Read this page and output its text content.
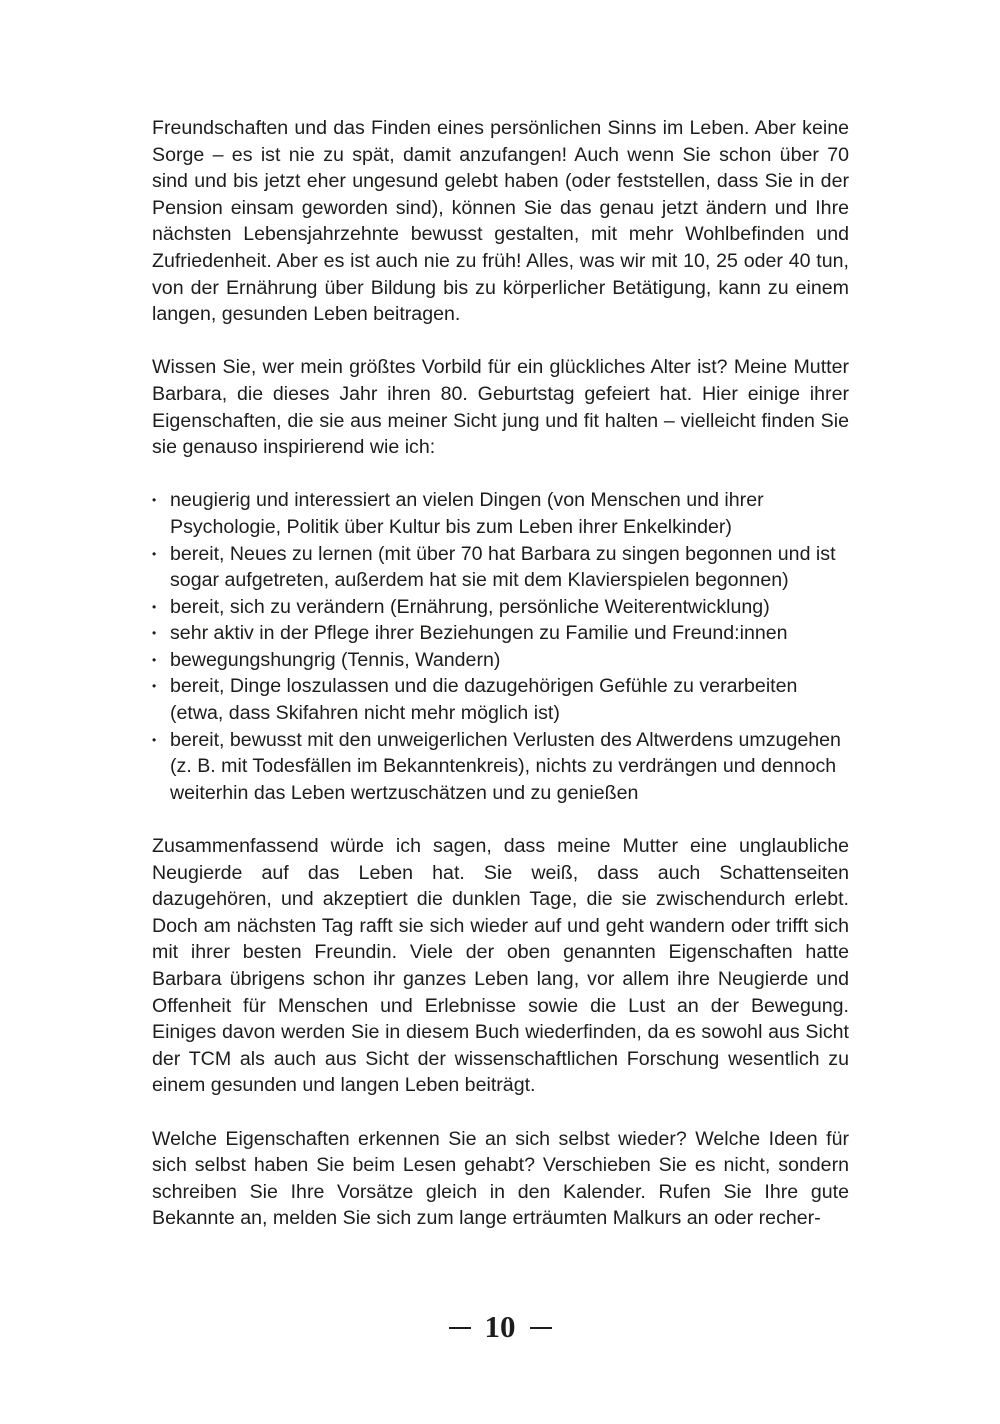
Freundschaften und das Finden eines persönlichen Sinns im Leben. Aber keine Sorge – es ist nie zu spät, damit anzufangen! Auch wenn Sie schon über 70 sind und bis jetzt eher ungesund gelebt haben (oder feststellen, dass Sie in der Pension einsam geworden sind), können Sie das genau jetzt ändern und Ihre nächsten Lebensjahrzehnte bewusst gestalten, mit mehr Wohlbefinden und Zufriedenheit. Aber es ist auch nie zu früh! Alles, was wir mit 10, 25 oder 40 tun, von der Ernährung über Bildung bis zu körperlicher Betätigung, kann zu einem langen, gesunden Leben beitragen.

Wissen Sie, wer mein größtes Vorbild für ein glückliches Alter ist? Meine Mutter Barbara, die dieses Jahr ihren 80. Geburtstag gefeiert hat. Hier einige ihrer Eigenschaften, die sie aus meiner Sicht jung und fit halten – vielleicht finden Sie sie genauso inspirierend wie ich:

• neugierig und interessiert an vielen Dingen (von Menschen und ihrer Psychologie, Politik über Kultur bis zum Leben ihrer Enkelkinder)
• bereit, Neues zu lernen (mit über 70 hat Barbara zu singen begonnen und ist sogar aufgetreten, außerdem hat sie mit dem Klavierspielen begonnen)
• bereit, sich zu verändern (Ernährung, persönliche Weiterentwicklung)
• sehr aktiv in der Pflege ihrer Beziehungen zu Familie und Freund:innen
• bewegungshungrig (Tennis, Wandern)
• bereit, Dinge loszulassen und die dazugehörigen Gefühle zu verarbeiten (etwa, dass Skifahren nicht mehr möglich ist)
• bereit, bewusst mit den unweigerlichen Verlusten des Altwerdens umzugehen (z. B. mit Todesfällen im Bekanntenkreis), nichts zu verdrängen und dennoch weiterhin das Leben wertzuschätzen und zu genießen

Zusammenfassend würde ich sagen, dass meine Mutter eine unglaubliche Neugierde auf das Leben hat. Sie weiß, dass auch Schattenseiten dazugehören, und akzeptiert die dunklen Tage, die sie zwischendurch erlebt. Doch am nächsten Tag rafft sie sich wieder auf und geht wandern oder trifft sich mit ihrer besten Freundin. Viele der oben genannten Eigenschaften hatte Barbara übrigens schon ihr ganzes Leben lang, vor allem ihre Neugierde und Offenheit für Menschen und Erlebnisse sowie die Lust an der Bewegung. Einiges davon werden Sie in diesem Buch wiederfinden, da es sowohl aus Sicht der TCM als auch aus Sicht der wissenschaftlichen Forschung wesentlich zu einem gesunden und langen Leben beiträgt.

Welche Eigenschaften erkennen Sie an sich selbst wieder? Welche Ideen für sich selbst haben Sie beim Lesen gehabt? Verschieben Sie es nicht, sondern schreiben Sie Ihre Vorsätze gleich in den Kalender. Rufen Sie Ihre gute Bekannte an, melden Sie sich zum lange erträumten Malkurs an oder recher-

10
